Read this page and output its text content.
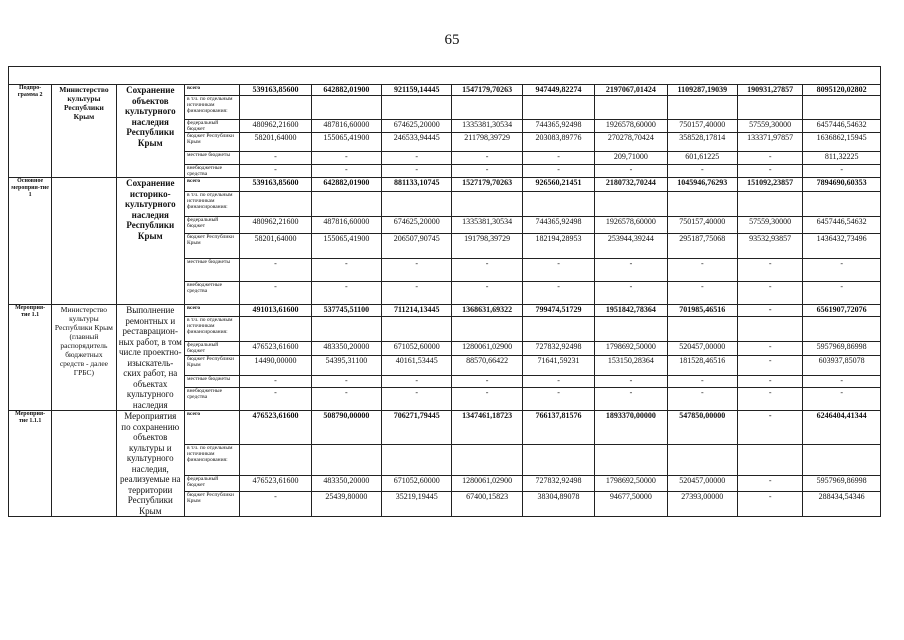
65

Подпро-грамма 2	Министерство культуры Республики Крым	Сохранение объектов культурного наследия Республики Крым	всего	539163,85600	642882,01900	921159,14445	1547179,70263	947449,82274	2197067,01424	1109287,19039	190931,27857	8095120,02802
			в т.ч. по отдельным источникам финансирования:									
			федеральный бюджет	480962,21600	487816,60000	674625,20000	1335381,30534	744365,92498	1926578,60000	750157,40000	57559,30000	6457446,54632
			бюджет Республики Крым	58201,64000	155065,41900	246533,94445	211798,39729	203083,89776	270278,70424	358528,17814	133371,97857	1636862,15945
			местные бюджеты	-	-	-	-	-	209,71000	601,61225	-	811,32225
			внебюджетные средства	-	-	-	-	-	-	-	-	-
Основное мероприя-тие 1		Сохранение историко-культурного наследия Республики Крым	всего	539163,85600	642882,01900	881133,10745	1527179,70263	926560,21451	2180732,70244	1045946,76293	151092,23857	7894690,60353
			в т.ч. по отдельным источникам финансирования:									
			федеральный бюджет	480962,21600	487816,60000	674625,20000	1335381,30534	744365,92498	1926578,60000	750157,40000	57559,30000	6457446,54632
			бюджет Республики Крым	58201,64000	155065,41900	206507,90745	191798,39729	182194,28953	253944,39244	295187,75068	93532,93857	1436432,73496
			местные бюджеты	-	-	-	-	-	-	-	-	-
			внебюджетные средства	-	-	-	-	-	-	-	-	-
Мероприя-тие 1.1	Министерство культуры Республики Крым (главный распорядитель бюджетных средств - далее ГРБС)	Выполнение ремонтных и реставрацион-ных работ, в том числе проектно-изыскатель-ских работ, на объектах культурного наследия	всего	491013,61600	537745,51100	711214,13445	1368631,69322	799474,51729	1951842,78364	701985,46516	-	6561907,72076
			в т.ч. по отдельным источникам финансирования:									
			федеральный бюджет	476523,61600	483350,20000	671052,60000	1280061,02900	727832,92498	1798692,50000	520457,00000	-	5957969,86998
			бюджет Республики Крым	14490,00000	54395,31100	40161,53445	88570,66422	71641,59231	153150,28364	181528,46516	-	603937,85078
			местные бюджеты	-	-	-	-	-	-	-	-	-
			внебюджетные средства	-	-	-	-	-	-	-	-	-
Мероприя-тие 1.1.1		Мероприятия по сохранению объектов культуры и культурного наследия, реализуемые на территории Республики Крым	всего	476523,61600	508790,00000	706271,79445	1347461,18723	766137,81576	1893370,00000	547850,00000	-	6246404,41344
			в т.ч. по отдельным источникам финансирования:									
			федеральный бюджет	476523,61600	483350,20000	671052,60000	1280061,02900	727832,92498	1798692,50000	520457,00000	-	5957969,86998
			бюджет Республики Крым	-	25439,80000	35219,19445	67400,15823	38304,89078	94677,50000	27393,00000	-	288434,54346
